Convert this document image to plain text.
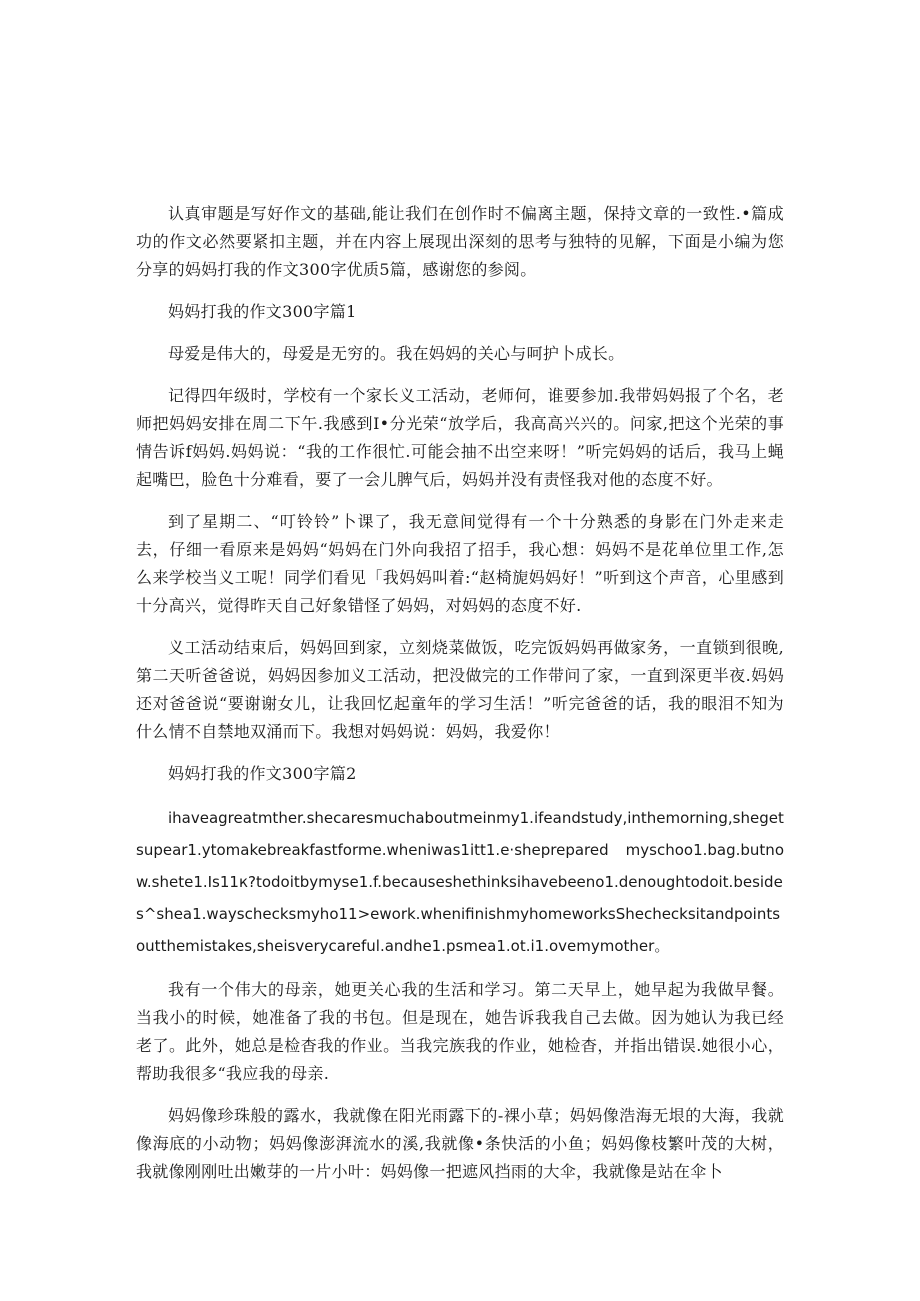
认真审题是写好作文的基础,能让我们在创作时不偏离主题，保持文章的一致性.•篇成功的作文必然要紧扣主题，并在内容上展现出深刻的思考与独特的见解，下面是小编为您分享的妈妈打我的作文300字优质5篇，感谢您的参阅。

妈妈打我的作文300字篇1

母爱是伟大的，母爱是无穷的。我在妈妈的关心与呵护卜成长。

记得四年级时，学校有一个家长义工活动，老师何，谁要参加.我带妈妈报了个名，老师把妈妈安排在周二下午.我感到I•分光荣“放学后，我高高兴兴的。问家,把这个光荣的事情告诉f妈妈.妈妈说：“我的工作很忙.可能会抽不出空来呀！”听完妈妈的话后，我马上蝇起嘴巴，脸色十分难看，要了一会儿脾气后，妈妈并没有责怪我对他的态度不好。

到了星期二、“叮铃铃”卜课了，我无意间觉得有一个十分熟悉的身影在门外走来走去，仔细一看原来是妈妈“妈妈在门外向我招了招手，我心想：妈妈不是花单位里工作,怎么来学校当义工呢！同学们看见「我妈妈叫着:“赵椅旎妈妈好！”听到这个声音，心里感到十分高兴，觉得昨天自己好象错怪了妈妈，对妈妈的态度不好.

义工活动结束后，妈妈回到家，立刻烧菜做饭，吃完饭妈妈再做家务，一直锁到很晚,第二天听爸爸说，妈妈因参加义工活动，把没做完的工作带问了家，一直到深更半夜.妈妈还对爸爸说“要谢谢女儿，让我回忆起童年的学习生活！”听完爸爸的话，我的眼泪不知为什么情不自禁地双涌而下。我想对妈妈说：妈妈，我爱你！

妈妈打我的作文300字篇2

ihaveagreatmther.shecaresmuchaboutmeinmy1.ifeandstudy,inthemorning,shegetsupear1.ytomakebreakfastforme.wheniwas1itt1.e·sheprepared myschoo1.bag.butnow.shete1.Is11к?todoitbymyse1.f.becauseshethinksihavebeeno1.denoughtodoit.besides^shea1.wayschecksmyho11>ework.whenifinishmyhomeworksShechecksitandpointsoutthemistakes,sheisverycareful.andhe1.psmea1.ot.i1.ovemymother。

我有一个伟大的母亲，她更关心我的生活和学习。第二天早上，她早起为我做早餐。当我小的时候，她准备了我的书包。但是现在，她告诉我我自己去做。因为她认为我已经老了。此外，她总是检杳我的作业。当我完族我的作业，她检杳，并指出错误.她很小心，帮助我很多“我应我的母亲.

妈妈像珍珠般的露水，我就像在阳光雨露下的-裸小草；妈妈像浩海无垠的大海，我就像海底的小动物；妈妈像澎湃流水的溪,我就像•条快活的小鱼；妈妈像枝繁叶茂的大树，我就像刚刚吐出嫩芽的一片小叶：妈妈像一把遮风挡雨的大伞，我就像是站在伞卜
